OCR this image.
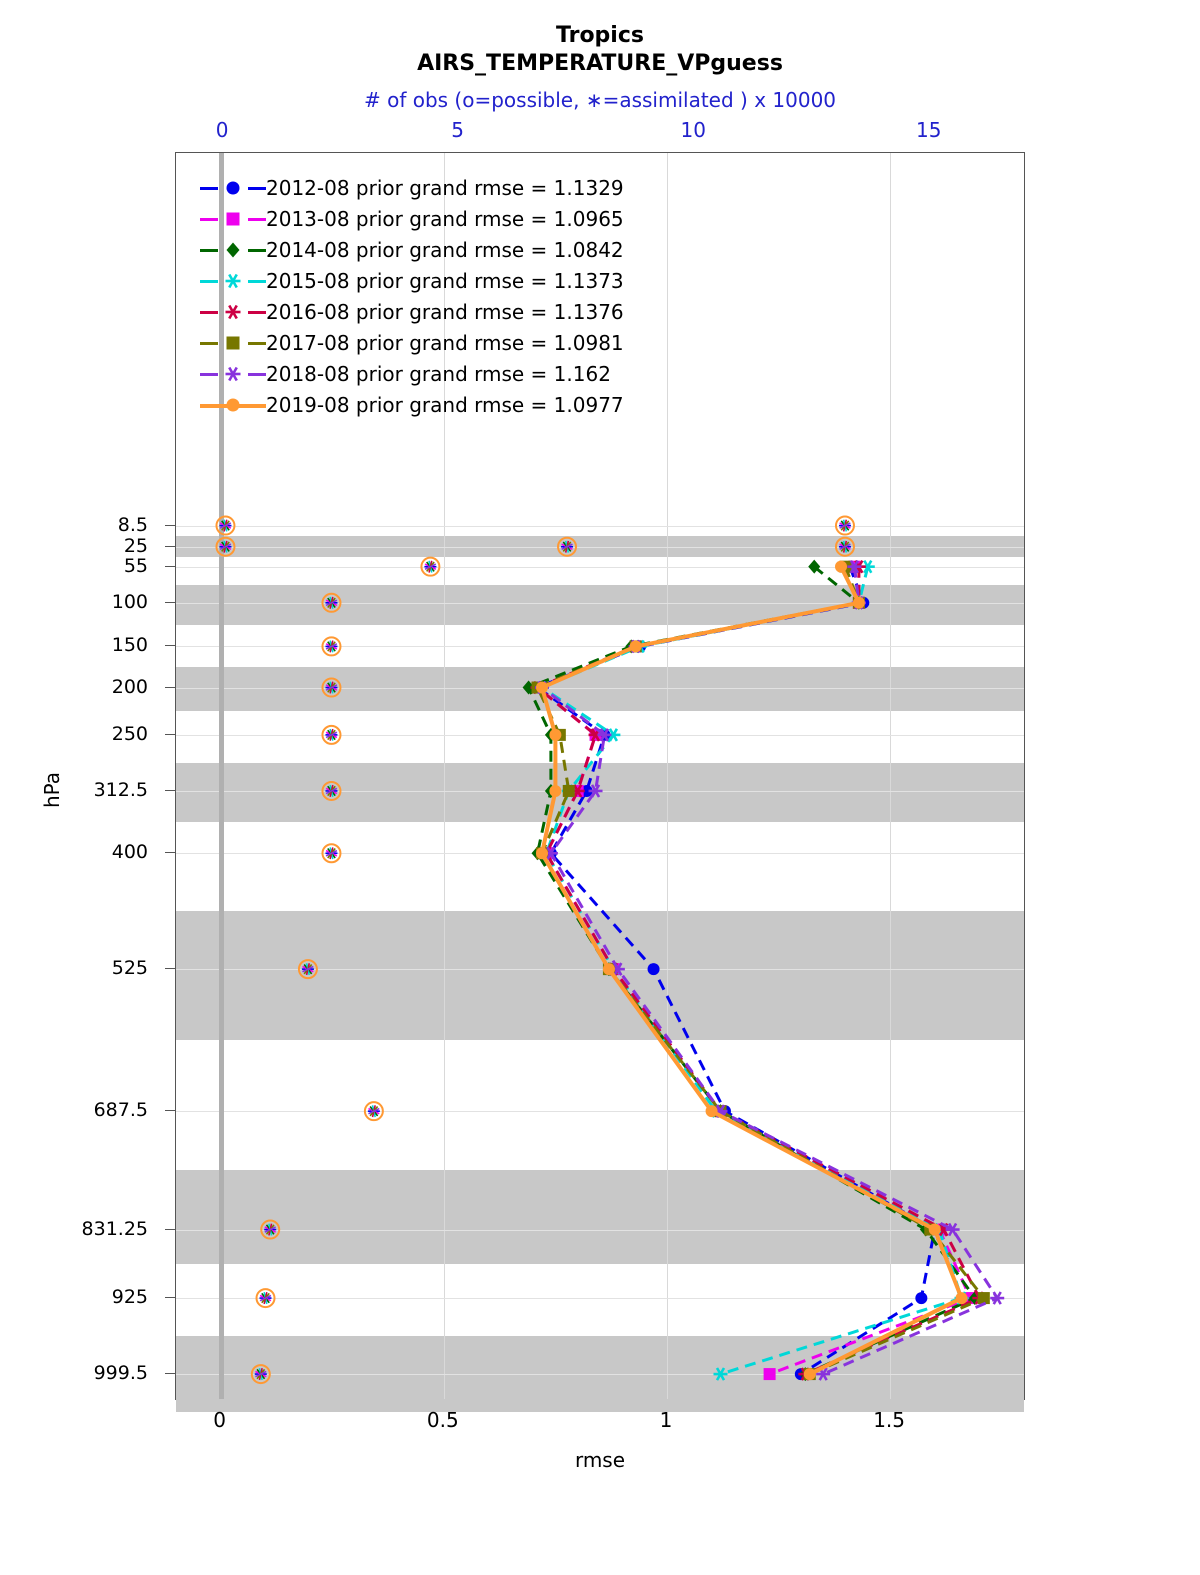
Tropics
AIRS_TEMPERATURE_VPguess
# of obs (o=possible, ∗=assimilated ) x 10000
0	5	10	15
8.5
25
55
100
150
200
250
312.5
400
525
687.5
831.25
925
999.5
hPa
0	0.5	1	1.5
rmse
2012-08 prior grand rmse = 1.1329
2013-08 prior grand rmse = 1.0965
2014-08 prior grand rmse = 1.0842
2015-08 prior grand rmse = 1.1373
2016-08 prior grand rmse = 1.1376
2017-08 prior grand rmse = 1.0981
2018-08 prior grand rmse = 1.162
2019-08 prior grand rmse = 1.0977
